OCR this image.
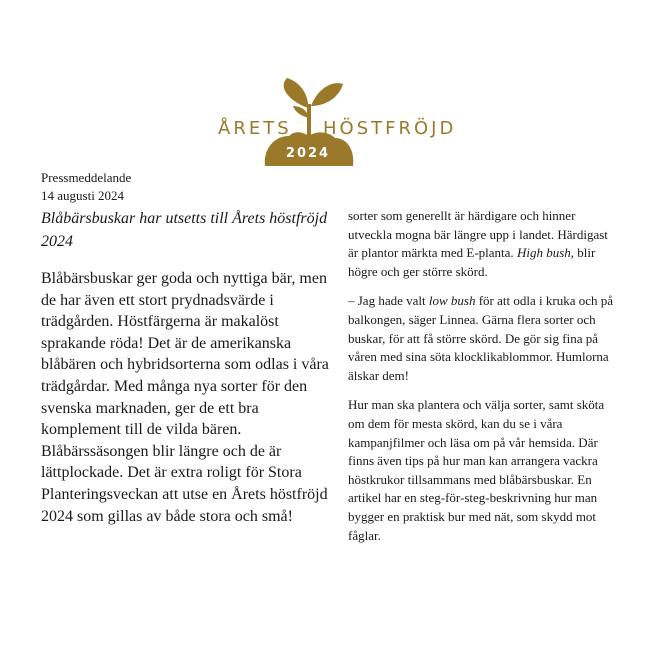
ÅRETS HÖSTFRÖJD
2024
Pressmeddelande
14 augusti 2024
Blåbärsbuskar har utsetts till Årets höstfröjd 2024

Blåbärsbuskar ger goda och nyttiga bär, men de har även ett stort prydnadsvärde i trädgården. Höstfärgerna är makalöst sprakande röda! Det är de amerikanska blåbären och hybridsorterna som odlas i våra trädgårdar. Med många nya sorter för den svenska marknaden, ger de ett bra komplement till de vilda bären. Blåbärssäsongen blir längre och de är lättplockade. Det är extra roligt för Stora Planteringsveckan att utse en Årets höstfröjd 2024 som gillas av både stora och små!

sorter som generellt är härdigare och hinner utveckla mogna bär längre upp i landet. Härdigast är plantor märkta med E-planta. High bush, blir högre och ger större skörd.

– Jag hade valt low bush för att odla i kruka och på balkongen, säger Linnea. Gärna flera sorter och buskar, för att få större skörd. De gör sig fina på våren med sina söta klocklikablommor. Humlorna älskar dem!

Hur man ska plantera och välja sorter, samt sköta om dem för mesta skörd, kan du se i våra kampanjfilmer och läsa om på vår hemsida. Där finns även tips på hur man kan arrangera vackra höstkrukor tillsammans med blåbärsbuskar. En artikel har en steg-för-steg-beskrivning hur man bygger en praktisk bur med nät, som skydd mot fåglar.
